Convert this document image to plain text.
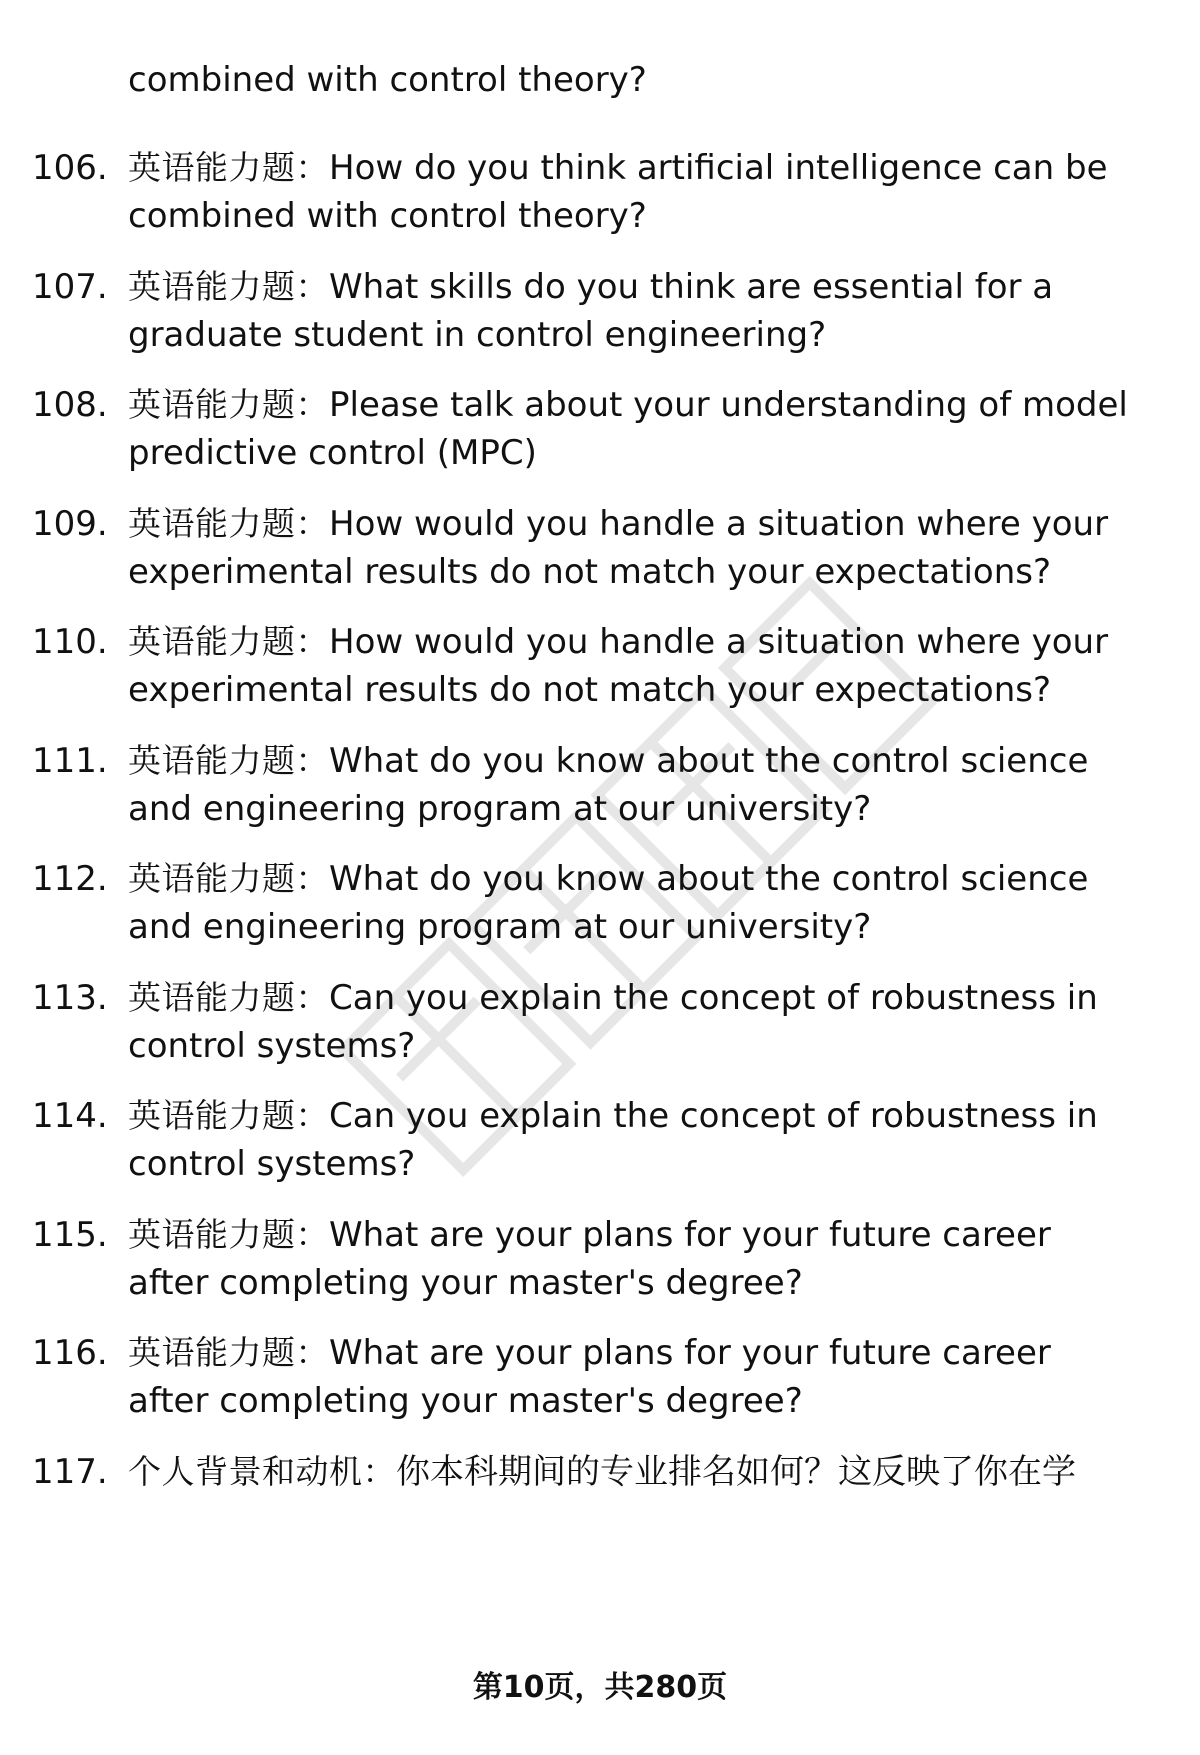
combined with control theory?
106. 英语能力题：How do you think artificial intelligence can be
combined with control theory?
107. 英语能力题：What skills do you think are essential for a
graduate student in control engineering?
108. 英语能力题：Please talk about your understanding of model
predictive control (MPC)
109. 英语能力题：How would you handle a situation where your
experimental results do not match your expectations?
110. 英语能力题：How would you handle a situation where your
experimental results do not match your expectations?
111. 英语能力题：What do you know about the control science
and engineering program at our university?
112. 英语能力题：What do you know about the control science
and engineering program at our university?
113. 英语能力题：Can you explain the concept of robustness in
control systems?
114. 英语能力题：Can you explain the concept of robustness in
control systems?
115. 英语能力题：What are your plans for your future career
after completing your master's degree?
116. 英语能力题：What are your plans for your future career
after completing your master's degree?
117. 个人背景和动机：你本科期间的专业排名如何？这反映了你在学
第10页，共280页
